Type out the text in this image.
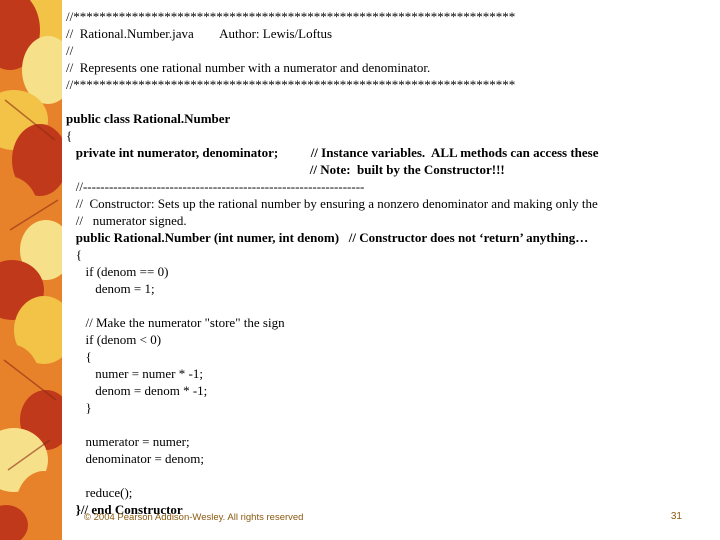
//********************************************************************
//  Rational.Number.java        Author: Lewis/Loftus
//
//  Represents one rational number with a numerator and denominator.
//********************************************************************
public class Rational.Number
{
private int numerator, denominator;          // Instance variables.  ALL methods can access these
// Note:  built by the Constructor!!!
//-----------------------------------------------------------------
//  Constructor: Sets up the rational number by ensuring a nonzero denominator and making only the
//   numerator signed.
public Rational.Number (int numer, int denom)   // Constructor does not ‘return’ anything…
{
if (denom == 0)
denom = 1;
// Make the numerator "store" the sign
if (denom < 0)
{
numer = numer * -1;
denom = denom * -1;
}
numerator = numer;
denominator = denom;
reduce();
}// end Constructor
© 2004 Pearson Addison-Wesley. All rights reserved	31
